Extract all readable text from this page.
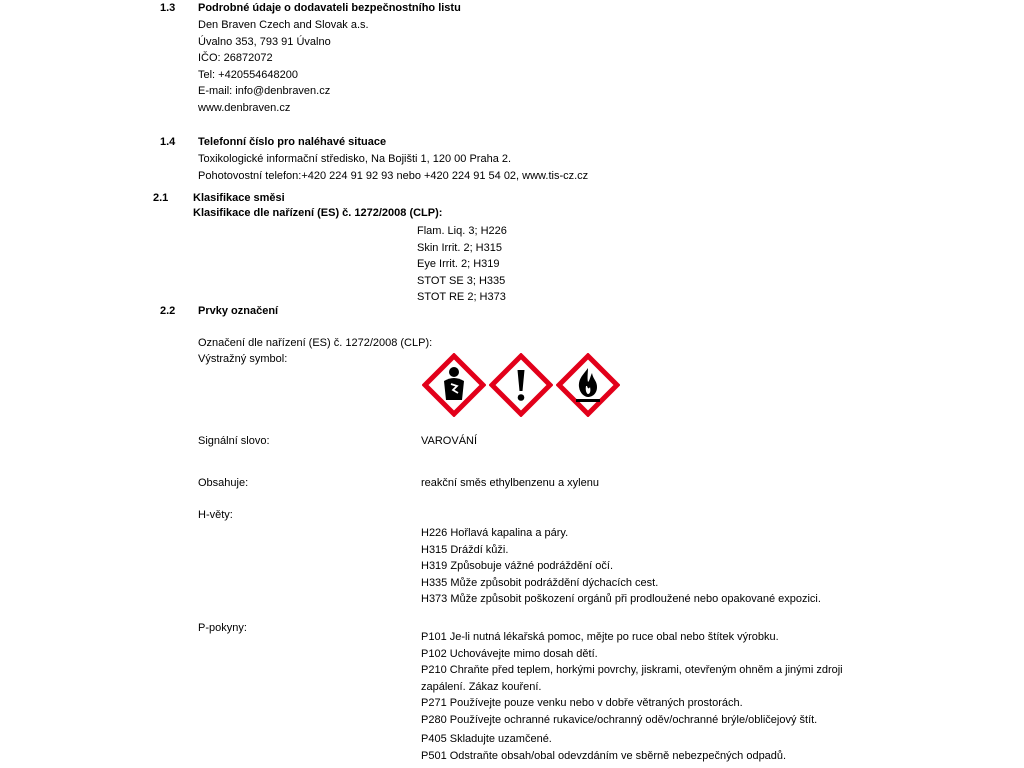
1.3 Podrobné údaje o dodavateli bezpečnostního listu
Den Braven Czech and Slovak a.s.
Úvalno 353, 793 91 Úvalno
IČO: 26872072
Tel: +420554648200
E-mail: info@denbraven.cz
www.denbraven.cz
1.4 Telefonní číslo pro naléhavé situace
Toxikologické informační středisko, Na Bojišti 1, 120 00 Praha 2.
Pohotovostní telefon:+420 224 91 92 93 nebo +420 224 91 54 02, www.tis-cz.cz
2.1 Klasifikace směsi
Klasifikace dle nařízení (ES) č. 1272/2008 (CLP):
Flam. Liq. 3; H226
Skin Irrit. 2; H315
Eye Irrit. 2; H319
STOT SE 3; H335
STOT RE 2; H373
2.2 Prvky označení
Označení dle nařízení (ES) č. 1272/2008 (CLP):
Výstražný symbol:
Signální slovo:	VAROVÁNÍ
Obsahuje:	reakční směs ethylbenzenu a xylenu
H-věty:
H226 Hořlavá kapalina a páry.
H315 Dráždí kůži.
H319 Způsobuje vážné podráždění očí.
H335 Může způsobit podráždění dýchacích cest.
H373 Může způsobit poškození orgánů při prodloužené nebo opakované expozici.
P-pokyny:
P101 Je-li nutná lékařská pomoc, mějte po ruce obal nebo štítek výrobku.
P102 Uchovávejte mimo dosah dětí.
P210 Chraňte před teplem, horkými povrchy, jiskrami, otevřeným ohněm a jinými zdroji
zapálení. Zákaz kouření.
P271 Používejte pouze venku nebo v dobře větraných prostorách.
P280 Používejte ochranné rukavice/ochranný oděv/ochranné brýle/obličejový štít.
P405 Skladujte uzamčené.
P501 Odstraňte obsah/obal odevzdáním ve sběrně nebezpečných odpadů.
